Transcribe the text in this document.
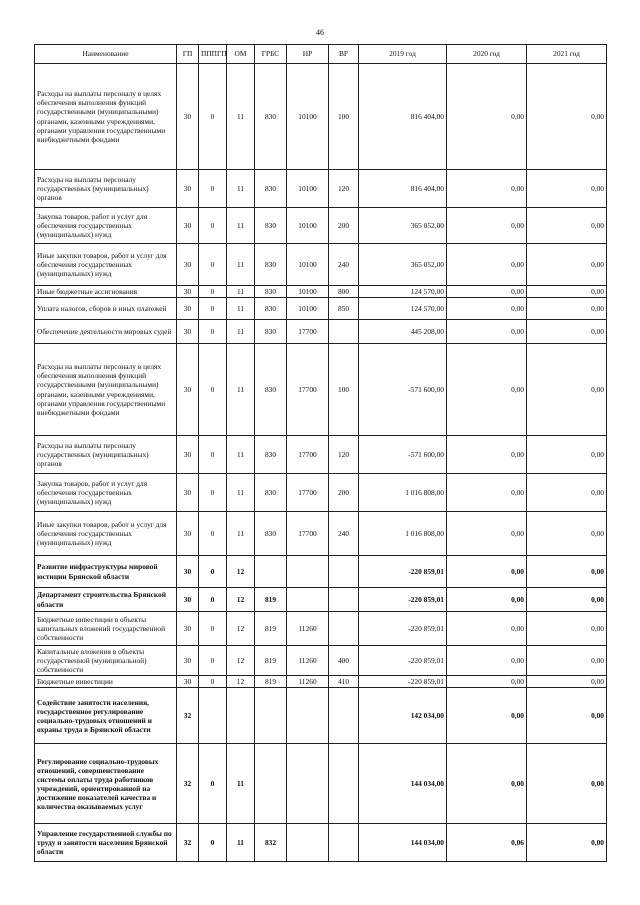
46
Наименование	ГП	ПППГП	ОМ	ГРБС	НР	ВР	2019 год	2020 год	2021 год
Расходы на выплаты персоналу в целях обеспечения выполнения функций государственными (муниципальными) органами, казенными учреждениями, органами управления государственными внебюджетными фондами	30	0	11	830	10100	100	816 404,00	0,00	0,00
Расходы на выплаты персоналу государственных (муниципальных) органов	30	0	11	830	10100	120	816 404,00	0,00	0,00
Закупка товаров, работ и услуг для обеспечения государственных (муниципальных) нужд	30	0	11	830	10100	200	365 052,00	0,00	0,00
Иные закупки товаров, работ и услуг для обеспечения государственных (муниципальных) нужд	30	0	11	830	10100	240	365 052,00	0,00	0,00
Иные бюджетные ассигнования	30	0	11	830	10100	800	124 570,00	0,00	0,00
Уплата налогов, сборов и иных платежей	30	0	11	830	10100	850	124 570,00	0,00	0,00
Обеспечение деятельности мировых судей	30	0	11	830	17700		445 208,00	0,00	0,00
Расходы на выплаты персоналу в целях обеспечения выполнения функций государственными (муниципальными) органами, казенными учреждениями, органами управления государственными внебюджетными фондами	30	0	11	830	17700	100	-571 600,00	0,00	0,00
Расходы на выплаты персоналу государственных (муниципальных) органов	30	0	11	830	17700	120	-571 600,00	0,00	0,00
Закупка товаров, работ и услуг для обеспечения государственных (муниципальных) нужд	30	0	11	830	17700	200	1 016 808,00	0,00	0,00
Иные закупки товаров, работ и услуг для обеспечения государственных (муниципальных) нужд	30	0	11	830	17700	240	1 016 808,00	0,00	0,00
Развитие инфраструктуры мировой юстиции Брянской области	30	0	12				-220 859,01	0,00	0,00
Департамент строительства Брянской области	30	0	12	819			-220 859,01	0,00	0,00
Бюджетные инвестиции в объекты капитальных вложений государственной собственности	30	0	12	819	11260		-220 859,01	0,00	0,00
Капитальные вложения в объекты государственной (муниципальной) собственности	30	0	12	819	11260	400	-220 859,01	0,00	0,00
Бюджетные инвестиции	30	0	12	819	11260	410	-220 859,01	0,00	0,00
Содействие занятости населения, государственное регулирование социально-трудовых отношений и охраны труда в Брянской области	32						142 034,00	0,00	0,00
Регулирование социально-трудовых отношений, совершенствование системы оплаты труда работников учреждений, ориентированной на достижение показателей качества и количества оказываемых услуг	32	0	11				144 034,00	0,00	0,00
Управление государственной службы по труду и занятости населения Брянской области	32	0	11	832			144 034,00	0,06	0,00
